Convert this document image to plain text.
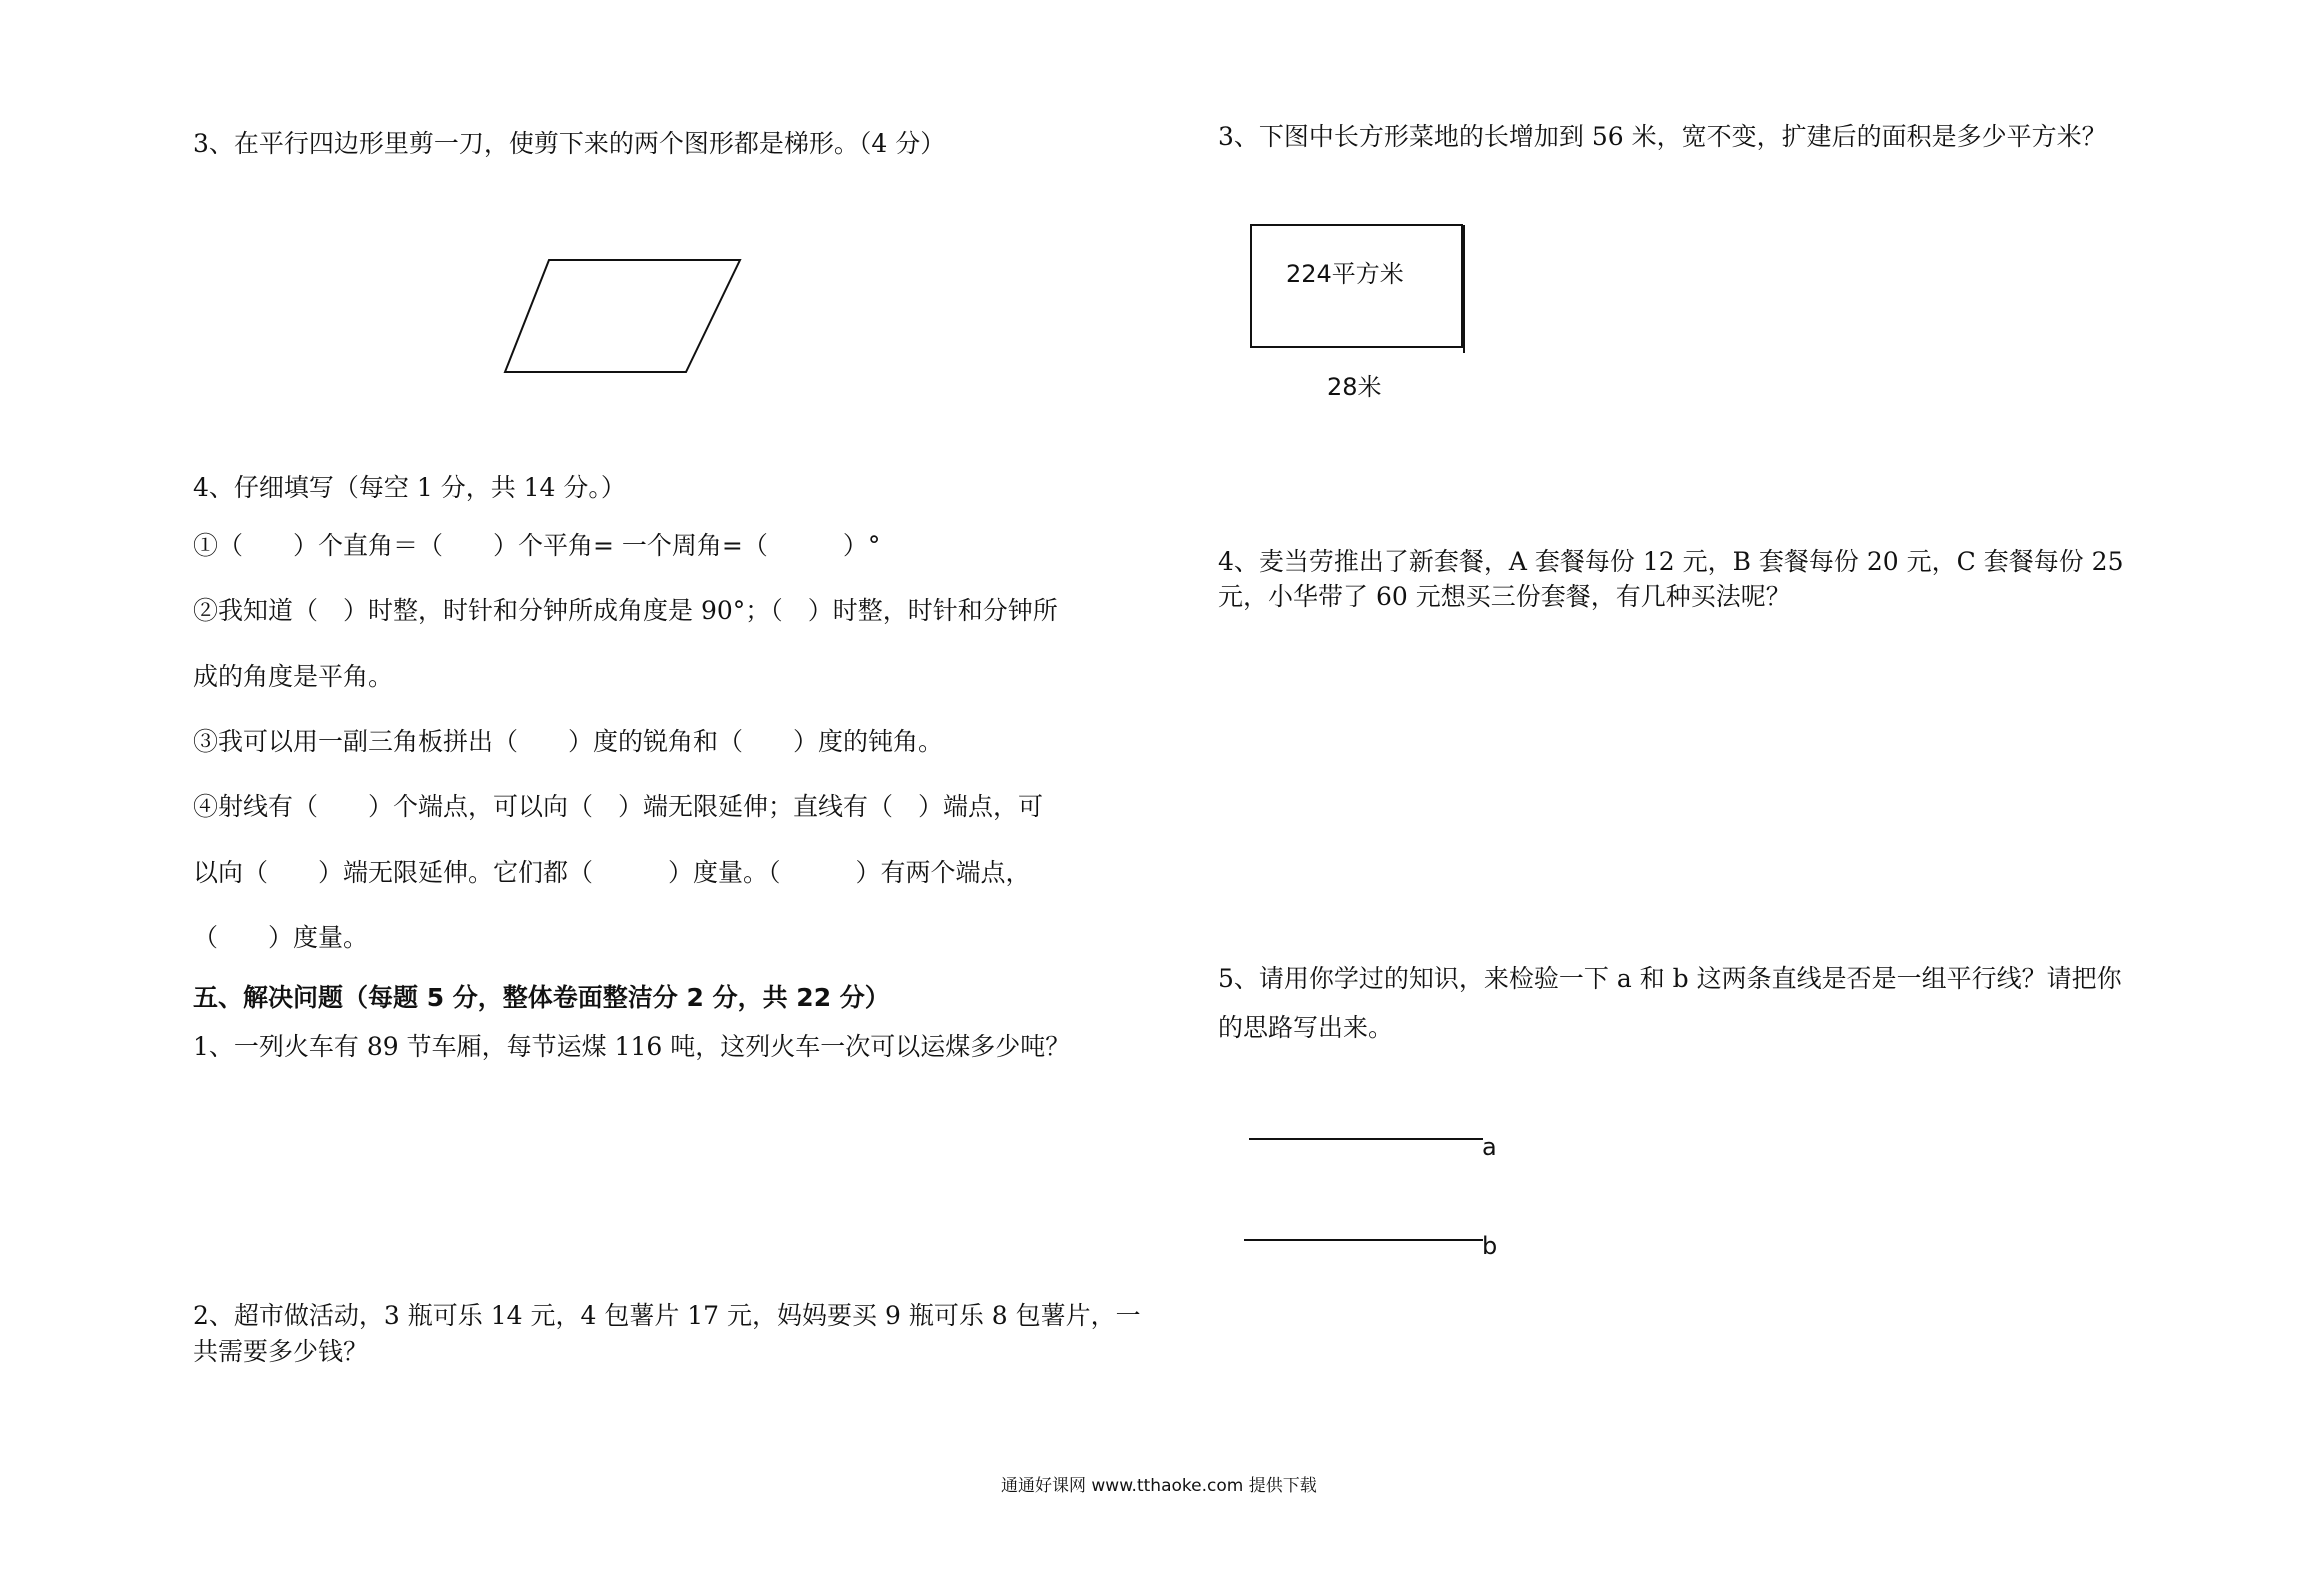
3、在平行四边形里剪一刀，使剪下来的两个图形都是梯形。（4 分）
4、仔细填写（每空 1 分，共 14 分。）
①（　　）个直角＝（　　）个平角= 一个周角=（　　　）°
②我知道（　）时整，时针和分钟所成角度是 90°；（　）时整，时针和分钟所
成的角度是平角。
③我可以用一副三角板拼出（　　）度的锐角和（　　）度的钝角。
④射线有（　　）个端点，可以向（　）端无限延伸；直线有（　）端点，可
以向（　　）端无限延伸。它们都（　　　）度量。（　　　）有两个端点，
（　　）度量。
五、解决问题（每题 5 分，整体卷面整洁分 2 分，共 22 分）
1、一列火车有 89 节车厢，每节运煤 116 吨，这列火车一次可以运煤多少吨？
2、超市做活动，3 瓶可乐 14 元，4 包薯片 17 元，妈妈要买 9 瓶可乐 8 包薯片，一
共需要多少钱？
3、下图中长方形菜地的长增加到 56 米，宽不变，扩建后的面积是多少平方米？
224平方米
28米
4、麦当劳推出了新套餐，A 套餐每份 12 元，B 套餐每份 20 元，C 套餐每份 25
元，小华带了 60 元想买三份套餐，有几种买法呢？
5、请用你学过的知识，来检验一下 a 和 b 这两条直线是否是一组平行线？请把你
的思路写出来。
a
b
通通好课网 www.tthaoke.com 提供下载
